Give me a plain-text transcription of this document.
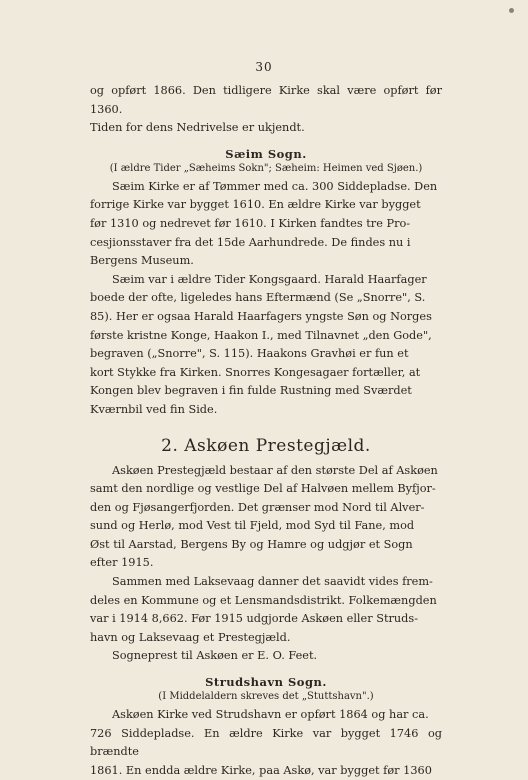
30

og opført 1866. Den tidligere Kirke skal være opført før 1360.

Tiden for dens Nedrivelse er ukjendt.

Sæim Sogn.
(I ældre Tider „Sæheims Sokn"; Sæheim: Heimen ved Sjøen.)

Sæim Kirke er af Tømmer med ca. 300 Siddepladse. Den

forrige Kirke var bygget 1610. En ældre Kirke var bygget

før 1310 og nedrevet før 1610. I Kirken fandtes tre Pro-

cesjionsstaver fra det 15de Aarhundrede. De findes nu i

Bergens Museum.

Sæim var i ældre Tider Kongsgaard. Harald Haarfager

boede der ofte, ligeledes hans Eftermænd (Se „Snorre", S.

85). Her er ogsaa Harald Haarfagers yngste Søn og Norges

første kristne Konge, Haakon I., med Tilnavnet „den Gode",

begraven („Snorre", S. 115). Haakons Gravhøi er fun et

kort Stykke fra Kirken. Snorres Kongesagaer fortæller, at

Kongen blev begraven i fin fulde Rustning med Sværdet

Kværnbil ved fin Side.

2. Askøen Prestegjæld.

Askøen Prestegjæld bestaar af den største Del af Askøen

samt den nordlige og vestlige Del af Halvøen mellem Byfjor-

den og Fjøsangerfjorden. Det grænser mod Nord til Alver-

sund og Herlø, mod Vest til Fjeld, mod Syd til Fane, mod

Øst til Aarstad, Bergens By og Hamre og udgjør et Sogn

efter 1915.

Sammen med Laksevaag danner det saavidt vides frem-

deles en Kommune og et Lensmandsdistrikt. Folkemængden

var i 1914 8,662. Før 1915 udgjorde Askøen eller Struds-

havn og Laksevaag et Prestegjæld.

Sogneprest til Askøen er E. O. Feet.

Strudshavn Sogn.
(I Middelaldern skreves det „Stuttshavn".)

Askøen Kirke ved Strudshavn er opført 1864 og har ca.

726 Siddepladse. En ældre Kirke var bygget 1746 og brændte

1861. En endda ældre Kirke, paa Askø, var bygget før 1360
